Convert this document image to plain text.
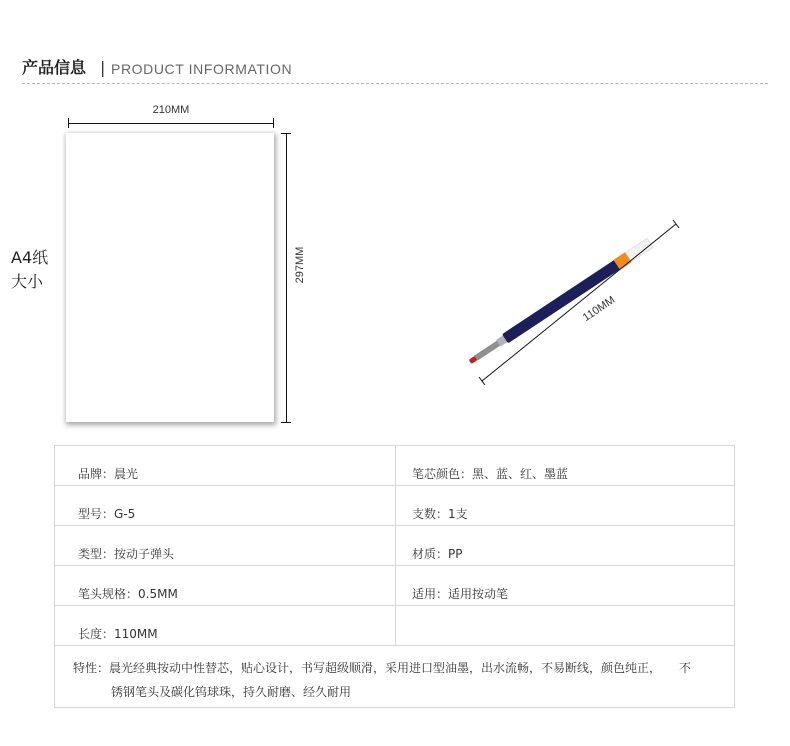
产品信息 | PRODUCT INFORMATION
210MM
297MM
A4纸
大小
110MM
品牌 ： 晨光	笔芯颜色 ： 黑、蓝、红、墨蓝
型号 ： G-5	支数 ： 1支
类型 ： 按动子弹头	材质 ： PP
笔头规格 ： 0.5MM	适用 ： 适用按动笔
长度 ： 110MM
特性：晨光经典按动中性替芯，贴心设计，书写超级顺滑，采用进口型油墨，出水流畅，不易断线，颜色纯正，　　不
锈钢笔头及碳化钨球珠，持久耐磨、经久耐用
